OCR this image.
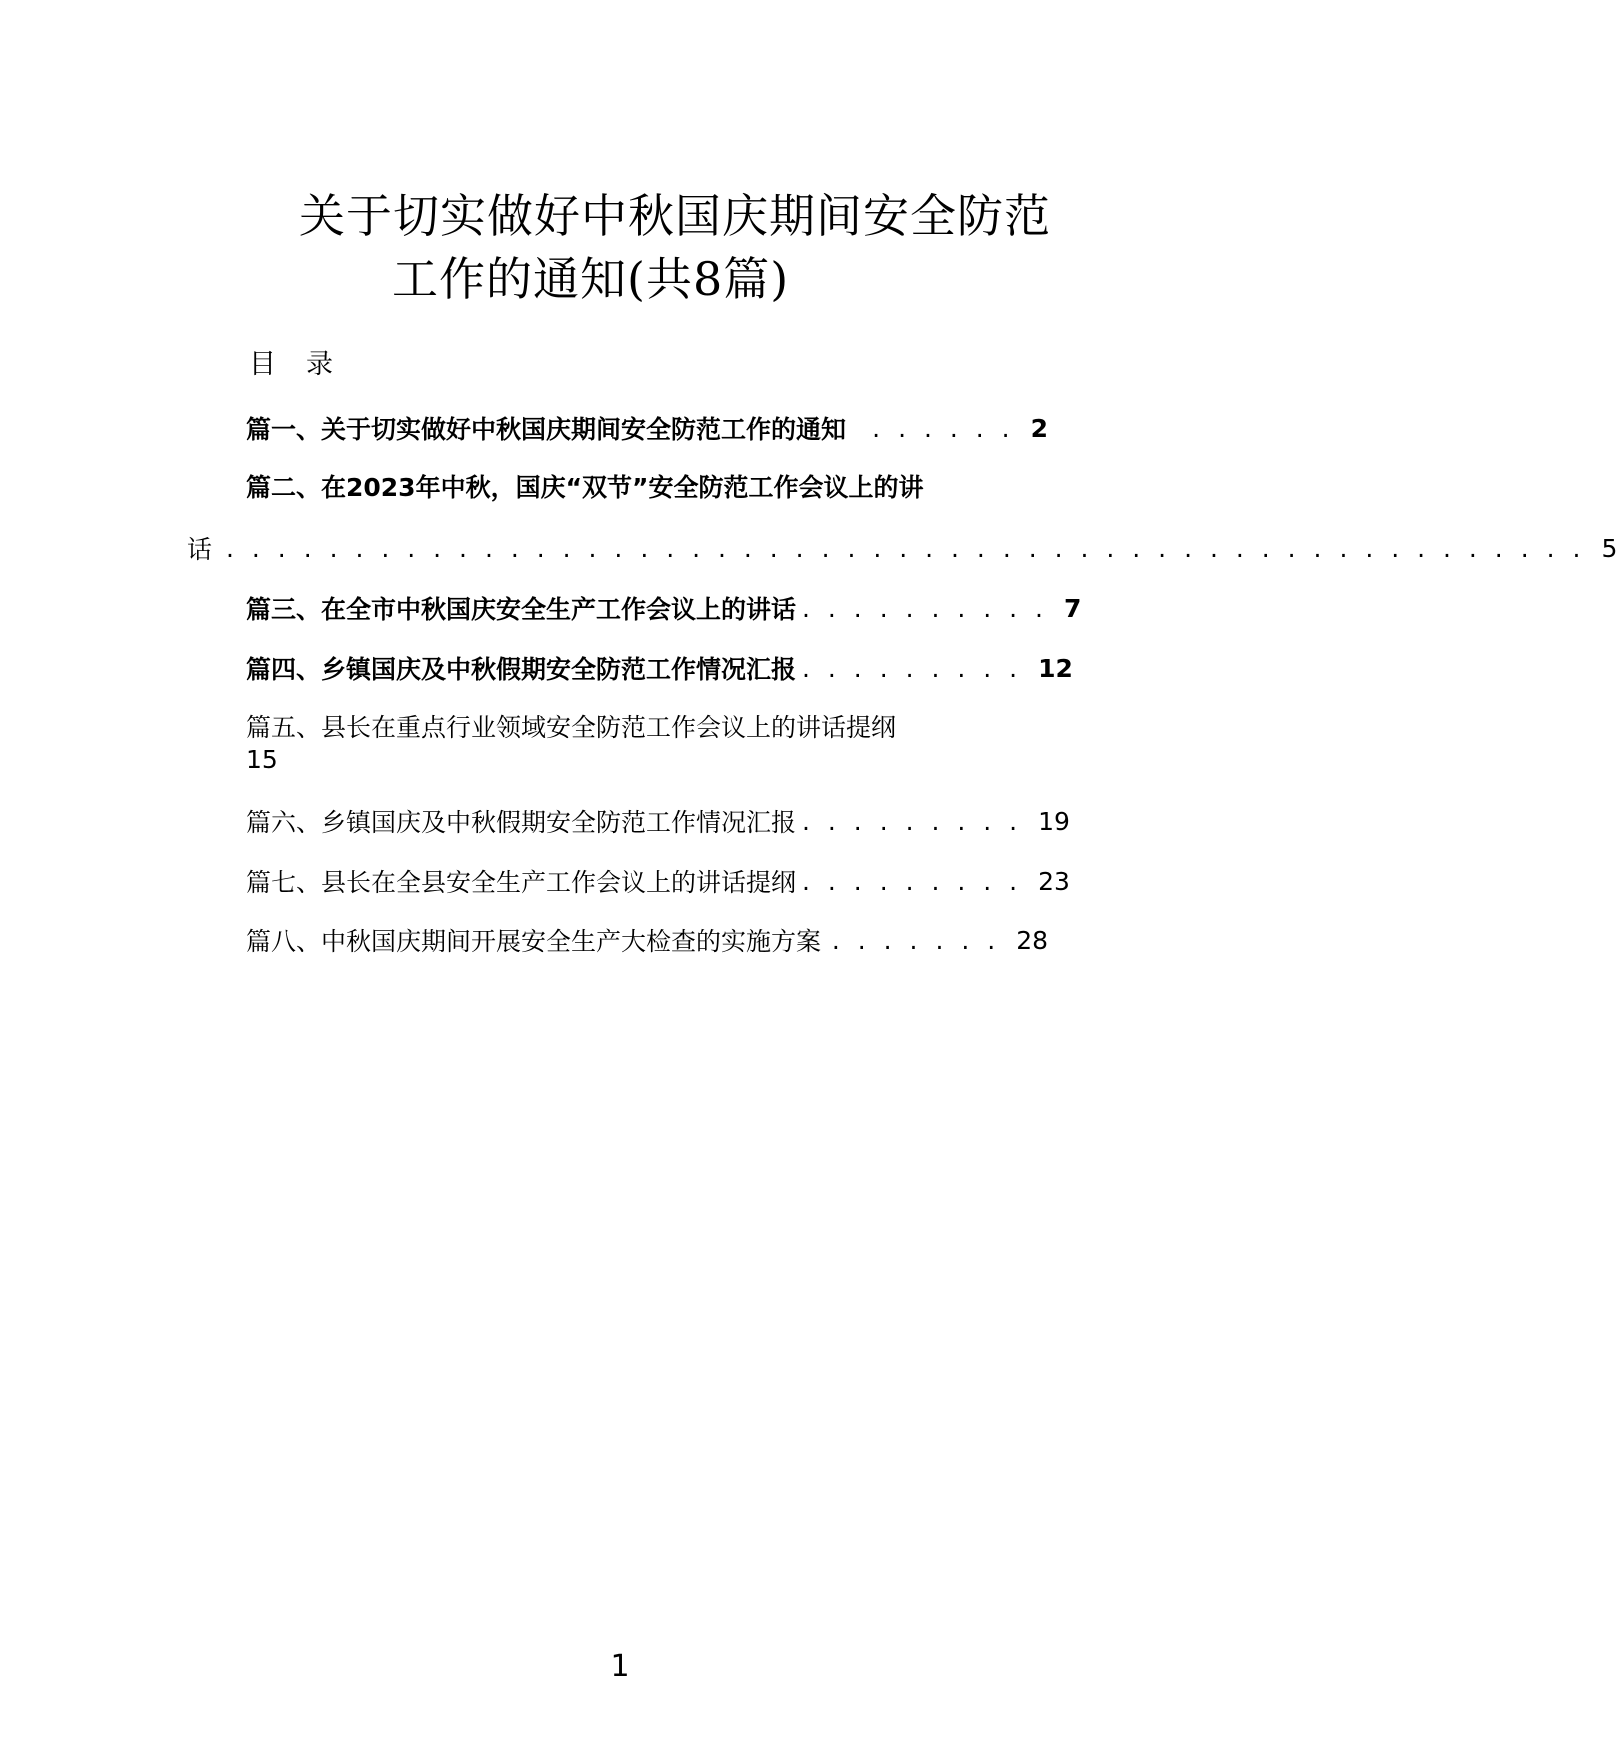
关于切实做好中秋国庆期间安全防范
工作的通知(共8篇)
目 录
篇一、关于切实做好中秋国庆期间安全防范工作的通知	. . . . . . 2
篇二、在2023年中秋，国庆“双节”安全防范工作会议上的讲
话 . . . . . . . . . . . . . . . . . . . . . . . . . . . . . . . . . . . . . . . . . . . . . . . . . . . . . 5
篇三、在全市中秋国庆安全生产工作会议上的讲话 . . . . . . . . . . 7
篇四、乡镇国庆及中秋假期安全防范工作情况汇报 . . . . . . . . . 12
篇五、县长在重点行业领域安全防范工作会议上的讲话提纲
15
篇六、乡镇国庆及中秋假期安全防范工作情况汇报 . . . . . . . . . 19
篇七、县长在全县安全生产工作会议上的讲话提纲 . . . . . . . . . 23
篇八、中秋国庆期间开展安全生产大检查的实施方案 . . . . . . . 28
1
